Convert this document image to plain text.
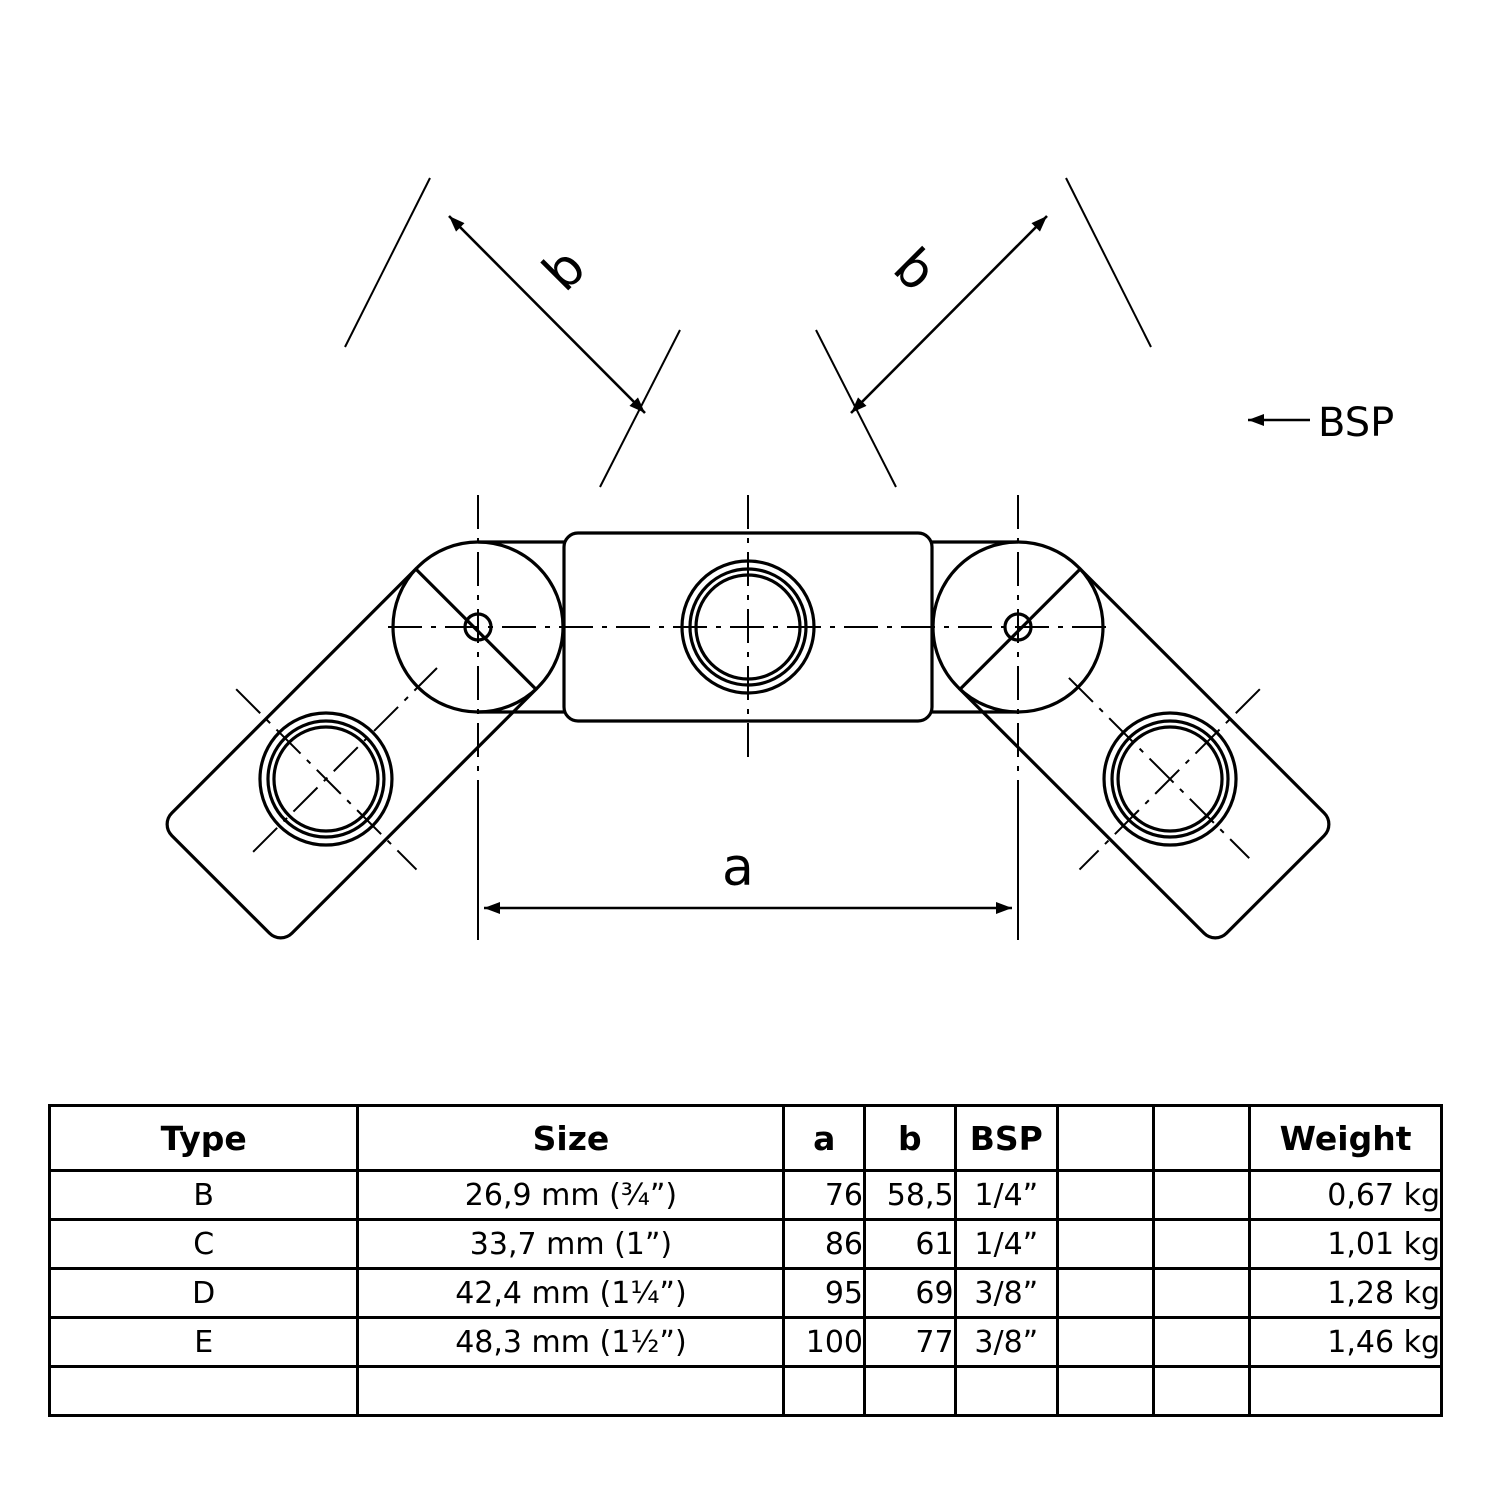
b	b
a
BSP
Type	Size	a	b	BSP			Weight
B	26,9 mm (¾”)	76	58,5	1/4”			0,67 kg
C	33,7 mm (1”)	86	61	1/4”			1,01 kg
D	42,4 mm (1¼”)	95	69	3/8”			1,28 kg
E	48,3 mm (1½”)	100	77	3/8”			1,46 kg
